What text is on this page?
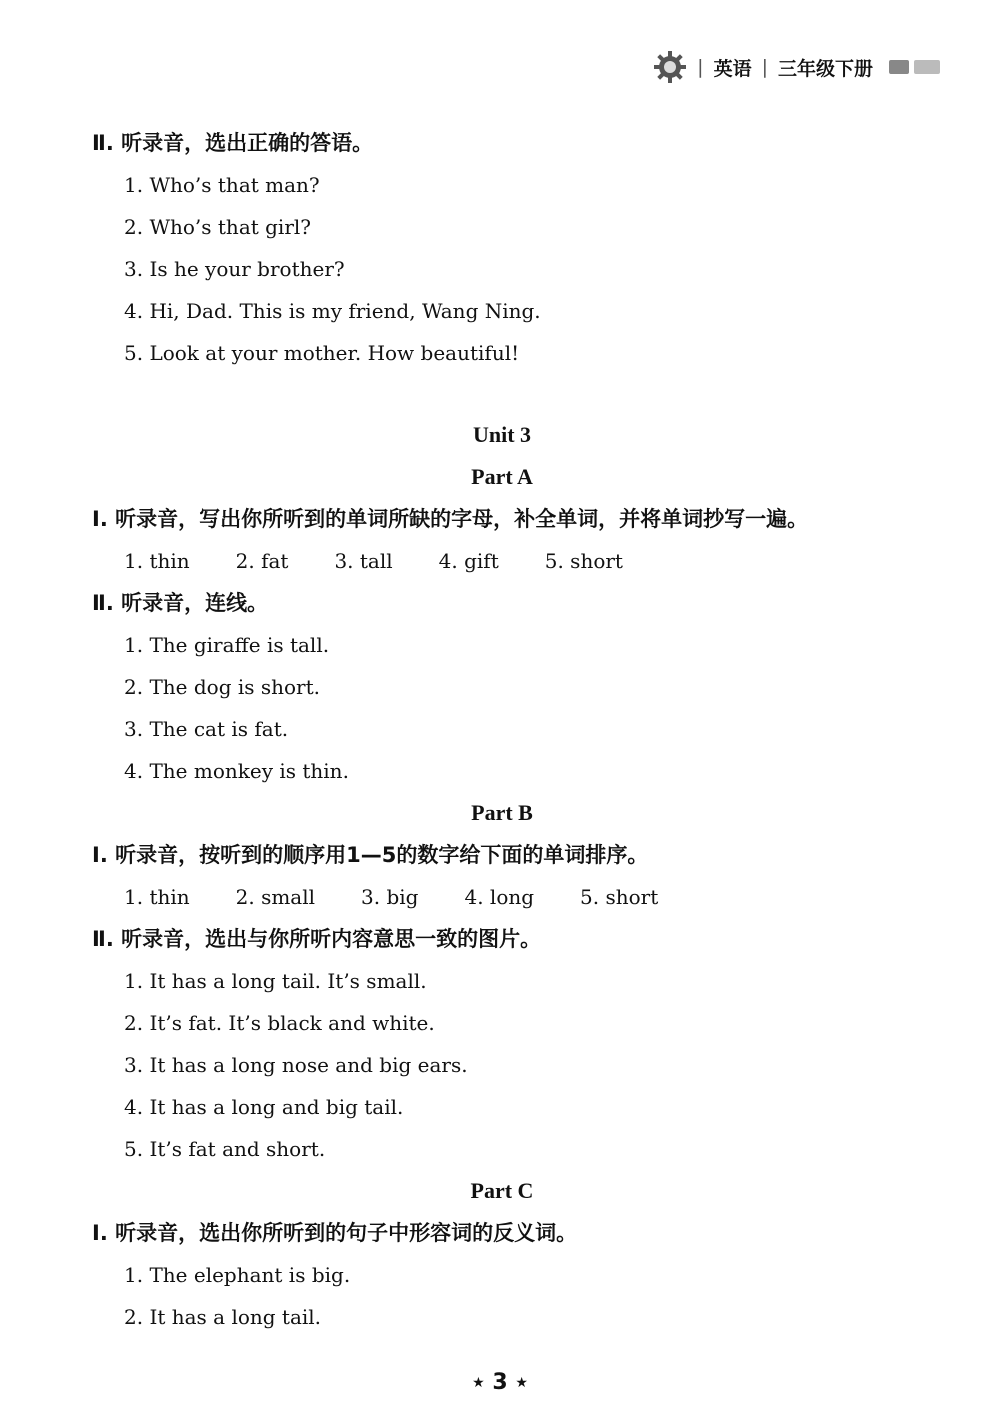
| 英语 | 三年级下册
Ⅱ. 听录音，选出正确的答语。
1. Who’s that man?
2. Who’s that girl?
3. Is he your brother?
4. Hi, Dad. This is my friend, Wang Ning.
5. Look at your mother. How beautiful!
Unit 3
Part A
Ⅰ. 听录音，写出你所听到的单词所缺的字母，补全单词，并将单词抄写一遍。
1. thin 2. fat 3. tall 4. gift 5. short
Ⅱ. 听录音，连线。
1. The giraffe is tall.
2. The dog is short.
3. The cat is fat.
4. The monkey is thin.
Part B
Ⅰ. 听录音，按听到的顺序用1—5的数字给下面的单词排序。
1. thin 2. small 3. big 4. long 5. short
Ⅱ. 听录音，选出与你所听内容意思一致的图片。
1. It has a long tail. It’s small.
2. It’s fat. It’s black and white.
3. It has a long nose and big ears.
4. It has a long and big tail.
5. It’s fat and short.
Part C
Ⅰ. 听录音，选出你所听到的句子中形容词的反义词。
1. The elephant is big.
2. It has a long tail.
★ 3 ★
